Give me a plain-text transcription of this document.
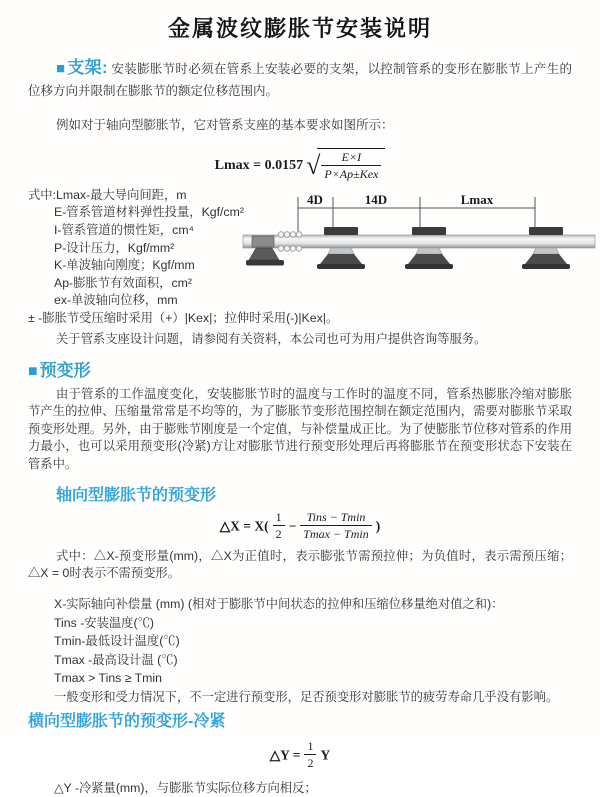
金属波纹膨胀节安装说明

■ 支架: 安装膨胀节时必须在管系上安装必要的支架，以控制管系的变形在膨胀节上产生的位移方向并限制在膨胀节的额定位移范围内。

例如对于轴向型膨胀节，它对管系支座的基本要求如图所示：

Lmax = 0.0157 √ $\frac{E\times I}{\text{P×Ap±Kex}}$
式中:Lmax-最大导向间距，m
E-管系管道材料弹性投量，Kgf/cm²
I-管系管道的惯性矩，cm⁴
P-设计压力，Kgf/mm²
K-单波轴向刚度；Kgf/mm
Ap-膨胀节有效面积，cm²
ex-单波轴向位移，mm
± -膨胀节受压缩时采用（+）|Kex|；拉伸时采用(-)|Kex|。
关于管系支座设计问题，请参阅有关资料，本公司也可为用户提供咨询等服务。
■ 预变形

由于管系的工作温度变化，安装膨胀节时的温度与工作时的温度不同，管系热膨胀冷缩对膨胀节产生的拉伸、压缩量常常是不均等的，为了膨胀节变形范围控制在额定范围内，需要对膨胀节采取预变形处理。另外，由于膨账节刚度是一个定值，与补偿量成正比。为了使膨胀节位移对管系的作用力最小，也可以采用预变形(冷紧)方让对膨胀节进行预变形处理后再将膨胀节在预变形状态下安装在管系中。

轴向型膨胀节的预变形
△X = $X( \frac{1}{2} - \frac{\text{Tins − Tmin}}{Tmax - Tmin}$ )

式中：△X-预变形量(mm)，△X为正值时，表示膨张节需预拉伸；为负值时，表示需预压缩；△X = 0时表示不需预变形。

X-实际轴向补偿量 (mm) (相对于膨胀节中间状态的拉伸和压缩位移量绝对值之和)：
Tins -安装温度(℃)
Tmin-最低设计温度(℃)
Tmax -最高设计温 (℃)
Tmax > Tins ≥ Tmin
一般变形和受力情况下，不一定进行预变形，足否预变形对膨胀节的疲劳寿命几乎没有影响。
横向型膨胀节的预变形-冷紧
△Y = $\frac{1}{2}$ Y
△Y -冷紧量(mm)，与膨胀节实际位移方向相反；
4D	14D	Lmax
